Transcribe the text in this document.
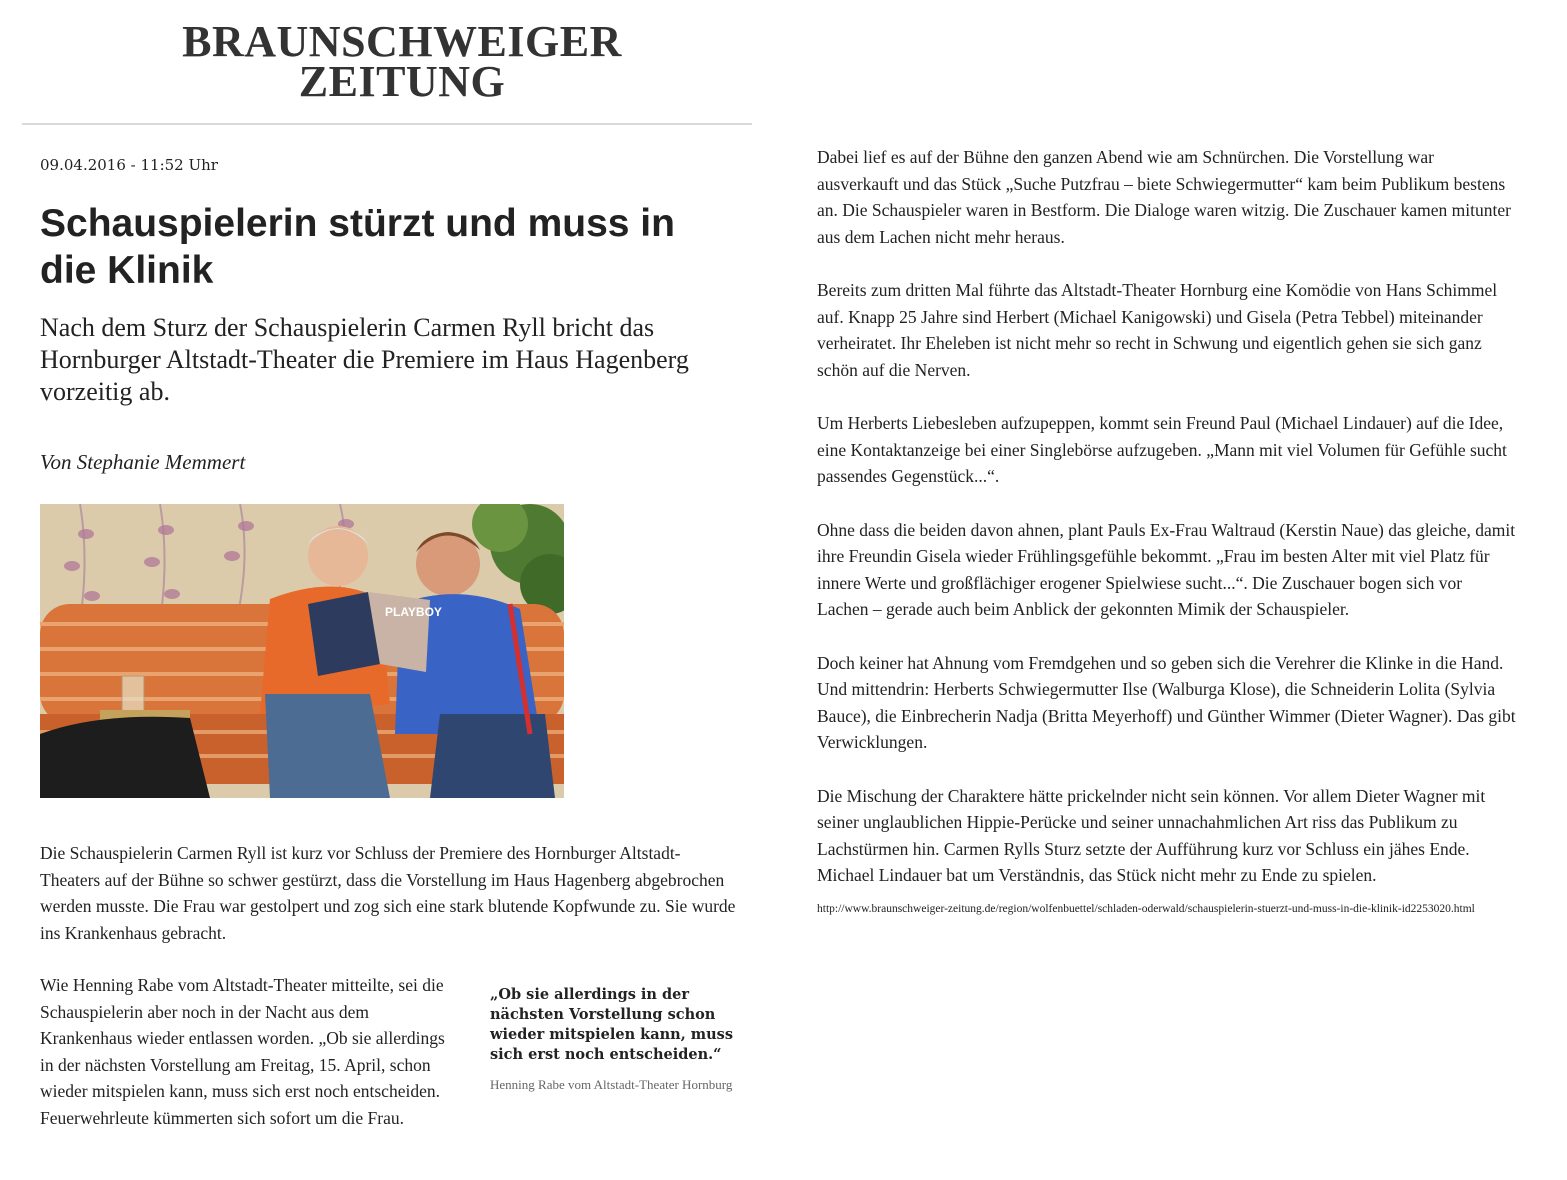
BRAUNSCHWEIGER
ZEITUNG
09.04.2016 - 11:52 Uhr
Schauspielerin stürzt und muss in die Klinik

Nach dem Sturz der Schauspielerin Carmen Ryll bricht das Hornburger Altstadt-Theater die Premiere im Haus Hagenberg vorzeitig ab.

Von Stephanie Memmert
PLAYBOY

Die Schauspielerin Carmen Ryll ist kurz vor Schluss der Premiere des Hornburger Altstadt-Theaters auf der Bühne so schwer gestürzt, dass die Vorstellung im Haus Hagenberg abgebrochen werden musste. Die Frau war gestolpert und zog sich eine stark blutende Kopfwunde zu. Sie wurde ins Krankenhaus gebracht.

Wie Henning Rabe vom Altstadt-Theater mitteilte, sei die Schauspielerin aber noch in der Nacht aus dem Krankenhaus wieder entlassen worden. „Ob sie allerdings in der nächsten Vorstellung am Freitag, 15. April, schon wieder mitspielen kann, muss sich erst noch entscheiden. Feuerwehrleute kümmerten sich sofort um die Frau.

„Ob sie allerdings in der nächsten Vorstellung schon wieder mitspielen kann, muss sich erst noch entscheiden.“
Henning Rabe vom Altstadt-Theater Hornburg

Dabei lief es auf der Bühne den ganzen Abend wie am Schnürchen. Die Vorstellung war ausverkauft und das Stück „Suche Putzfrau – biete Schwiegermutter“ kam beim Publikum bestens an. Die Schauspieler waren in Bestform. Die Dialoge waren witzig. Die Zuschauer kamen mitunter aus dem Lachen nicht mehr heraus.

Bereits zum dritten Mal führte das Altstadt-Theater Hornburg eine Komödie von Hans Schimmel auf. Knapp 25 Jahre sind Herbert (Michael Kanigowski) und Gisela (Petra Tebbel) miteinander verheiratet. Ihr Eheleben ist nicht mehr so recht in Schwung und eigentlich gehen sie sich ganz schön auf die Nerven.

Um Herberts Liebesleben aufzupeppen, kommt sein Freund Paul (Michael Lindauer) auf die Idee, eine Kontaktanzeige bei einer Singlebörse aufzugeben. „Mann mit viel Volumen für Gefühle sucht passendes Gegenstück...“.

Ohne dass die beiden davon ahnen, plant Pauls Ex-Frau Waltraud (Kerstin Naue) das gleiche, damit ihre Freundin Gisela wieder Frühlingsgefühle bekommt. „Frau im besten Alter mit viel Platz für innere Werte und großflächiger erogener Spielwiese sucht...“. Die Zuschauer bogen sich vor Lachen – gerade auch beim Anblick der gekonnten Mimik der Schauspieler.

Doch keiner hat Ahnung vom Fremdgehen und so geben sich die Verehrer die Klinke in die Hand. Und mittendrin: Herberts Schwiegermutter Ilse (Walburga Klose), die Schneiderin Lolita (Sylvia Bauce), die Einbrecherin Nadja (Britta Meyerhoff) und Günther Wimmer (Dieter Wagner). Das gibt Verwicklungen.

Die Mischung der Charaktere hätte prickelnder nicht sein können. Vor allem Dieter Wagner mit seiner unglaublichen Hippie-Perücke und seiner unnachahmlichen Art riss das Publikum zu Lachstürmen hin. Carmen Rylls Sturz setzte der Aufführung kurz vor Schluss ein jähes Ende. Michael Lindauer bat um Verständnis, das Stück nicht mehr zu Ende zu spielen.

http://www.braunschweiger-zeitung.de/region/wolfenbuettel/schladen-oderwald/schauspielerin-stuerzt-und-muss-in-die-klinik-id2253020.html
